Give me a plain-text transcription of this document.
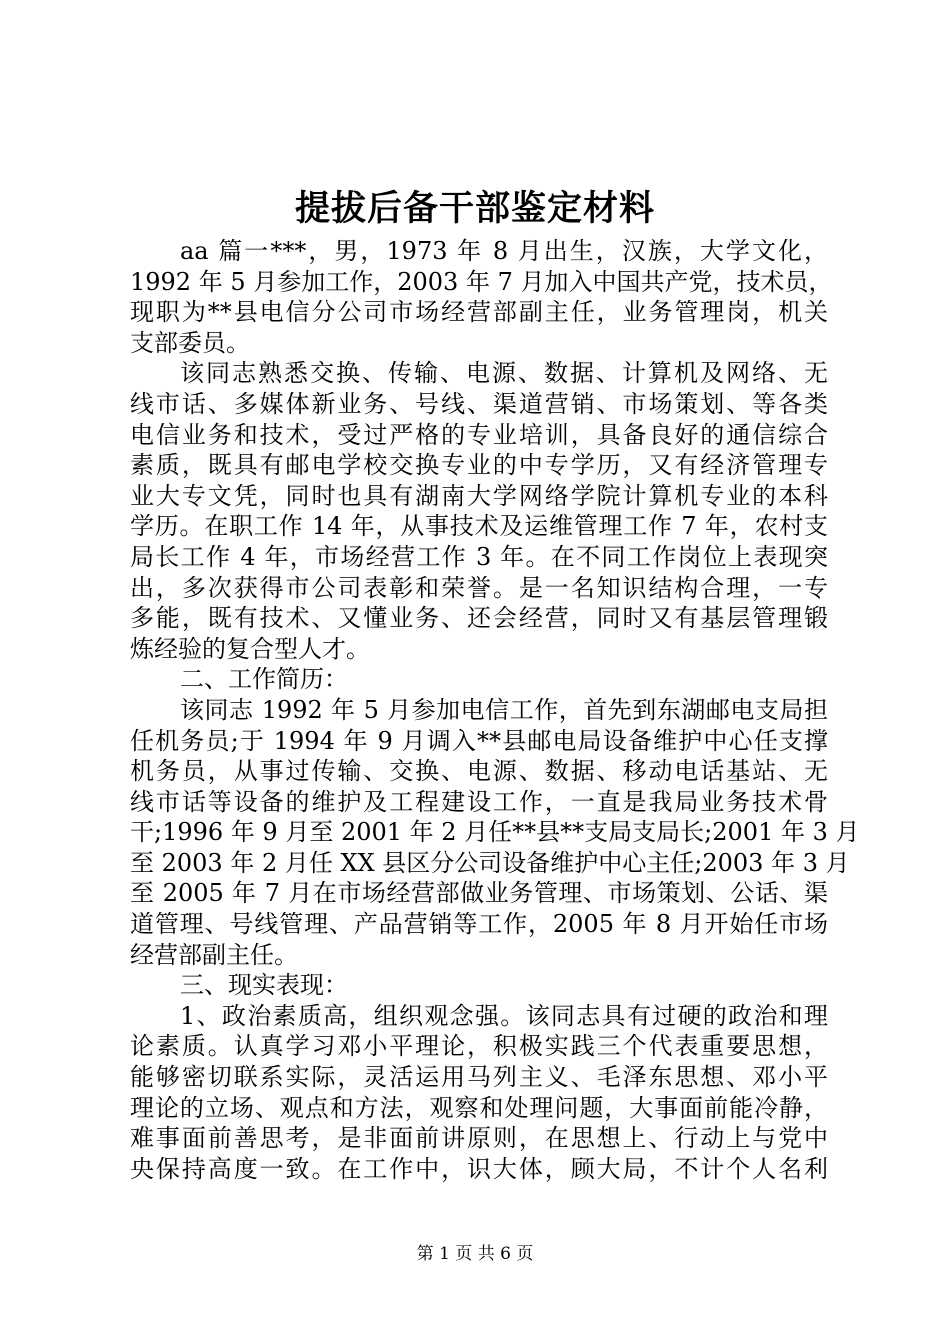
提拔后备干部鉴定材料
aa 篇一***，男，1973 年 8 月出生，汉族，大学文化，
1992 年 5 月参加工作，2003 年 7 月加入中国共产党，技术员，
现职为**县电信分公司市场经营部副主任，业务管理岗，机关
支部委员。
该同志熟悉交换、传输、电源、数据、计算机及网络、无
线市话、多媒体新业务、号线、渠道营销、市场策划、等各类
电信业务和技术，受过严格的专业培训，具备良好的通信综合
素质，既具有邮电学校交换专业的中专学历，又有经济管理专
业大专文凭，同时也具有湖南大学网络学院计算机专业的本科
学历。在职工作 14 年，从事技术及运维管理工作 7 年，农村支
局长工作 4 年，市场经营工作 3 年。在不同工作岗位上表现突
出，多次获得市公司表彰和荣誉。是一名知识结构合理，一专
多能，既有技术、又懂业务、还会经营，同时又有基层管理锻
炼经验的复合型人才。
二、工作简历：
该同志 1992 年 5 月参加电信工作，首先到东湖邮电支局担
任机务员;于 1994 年 9 月调入**县邮电局设备维护中心任支撑
机务员，从事过传输、交换、电源、数据、移动电话基站、无
线市话等设备的维护及工程建设工作，一直是我局业务技术骨
干;1996 年 9 月至 2001 年 2 月任**县**支局支局长;2001 年 3 月
至 2003 年 2 月任 XX 县区分公司设备维护中心主任;2003 年 3 月
至 2005 年 7 月在市场经营部做业务管理、市场策划、公话、渠
道管理、号线管理、产品营销等工作，2005 年 8 月开始任市场
经营部副主任。
三、现实表现：
1、政治素质高，组织观念强。该同志具有过硬的政治和理
论素质。认真学习邓小平理论，积极实践三个代表重要思想，
能够密切联系实际，灵活运用马列主义、毛泽东思想、邓小平
理论的立场、观点和方法，观察和处理问题，大事面前能冷静，
难事面前善思考，是非面前讲原则，在思想上、行动上与党中
央保持高度一致。在工作中，识大体，顾大局，不计个人名利
第 1 页 共 6 页
